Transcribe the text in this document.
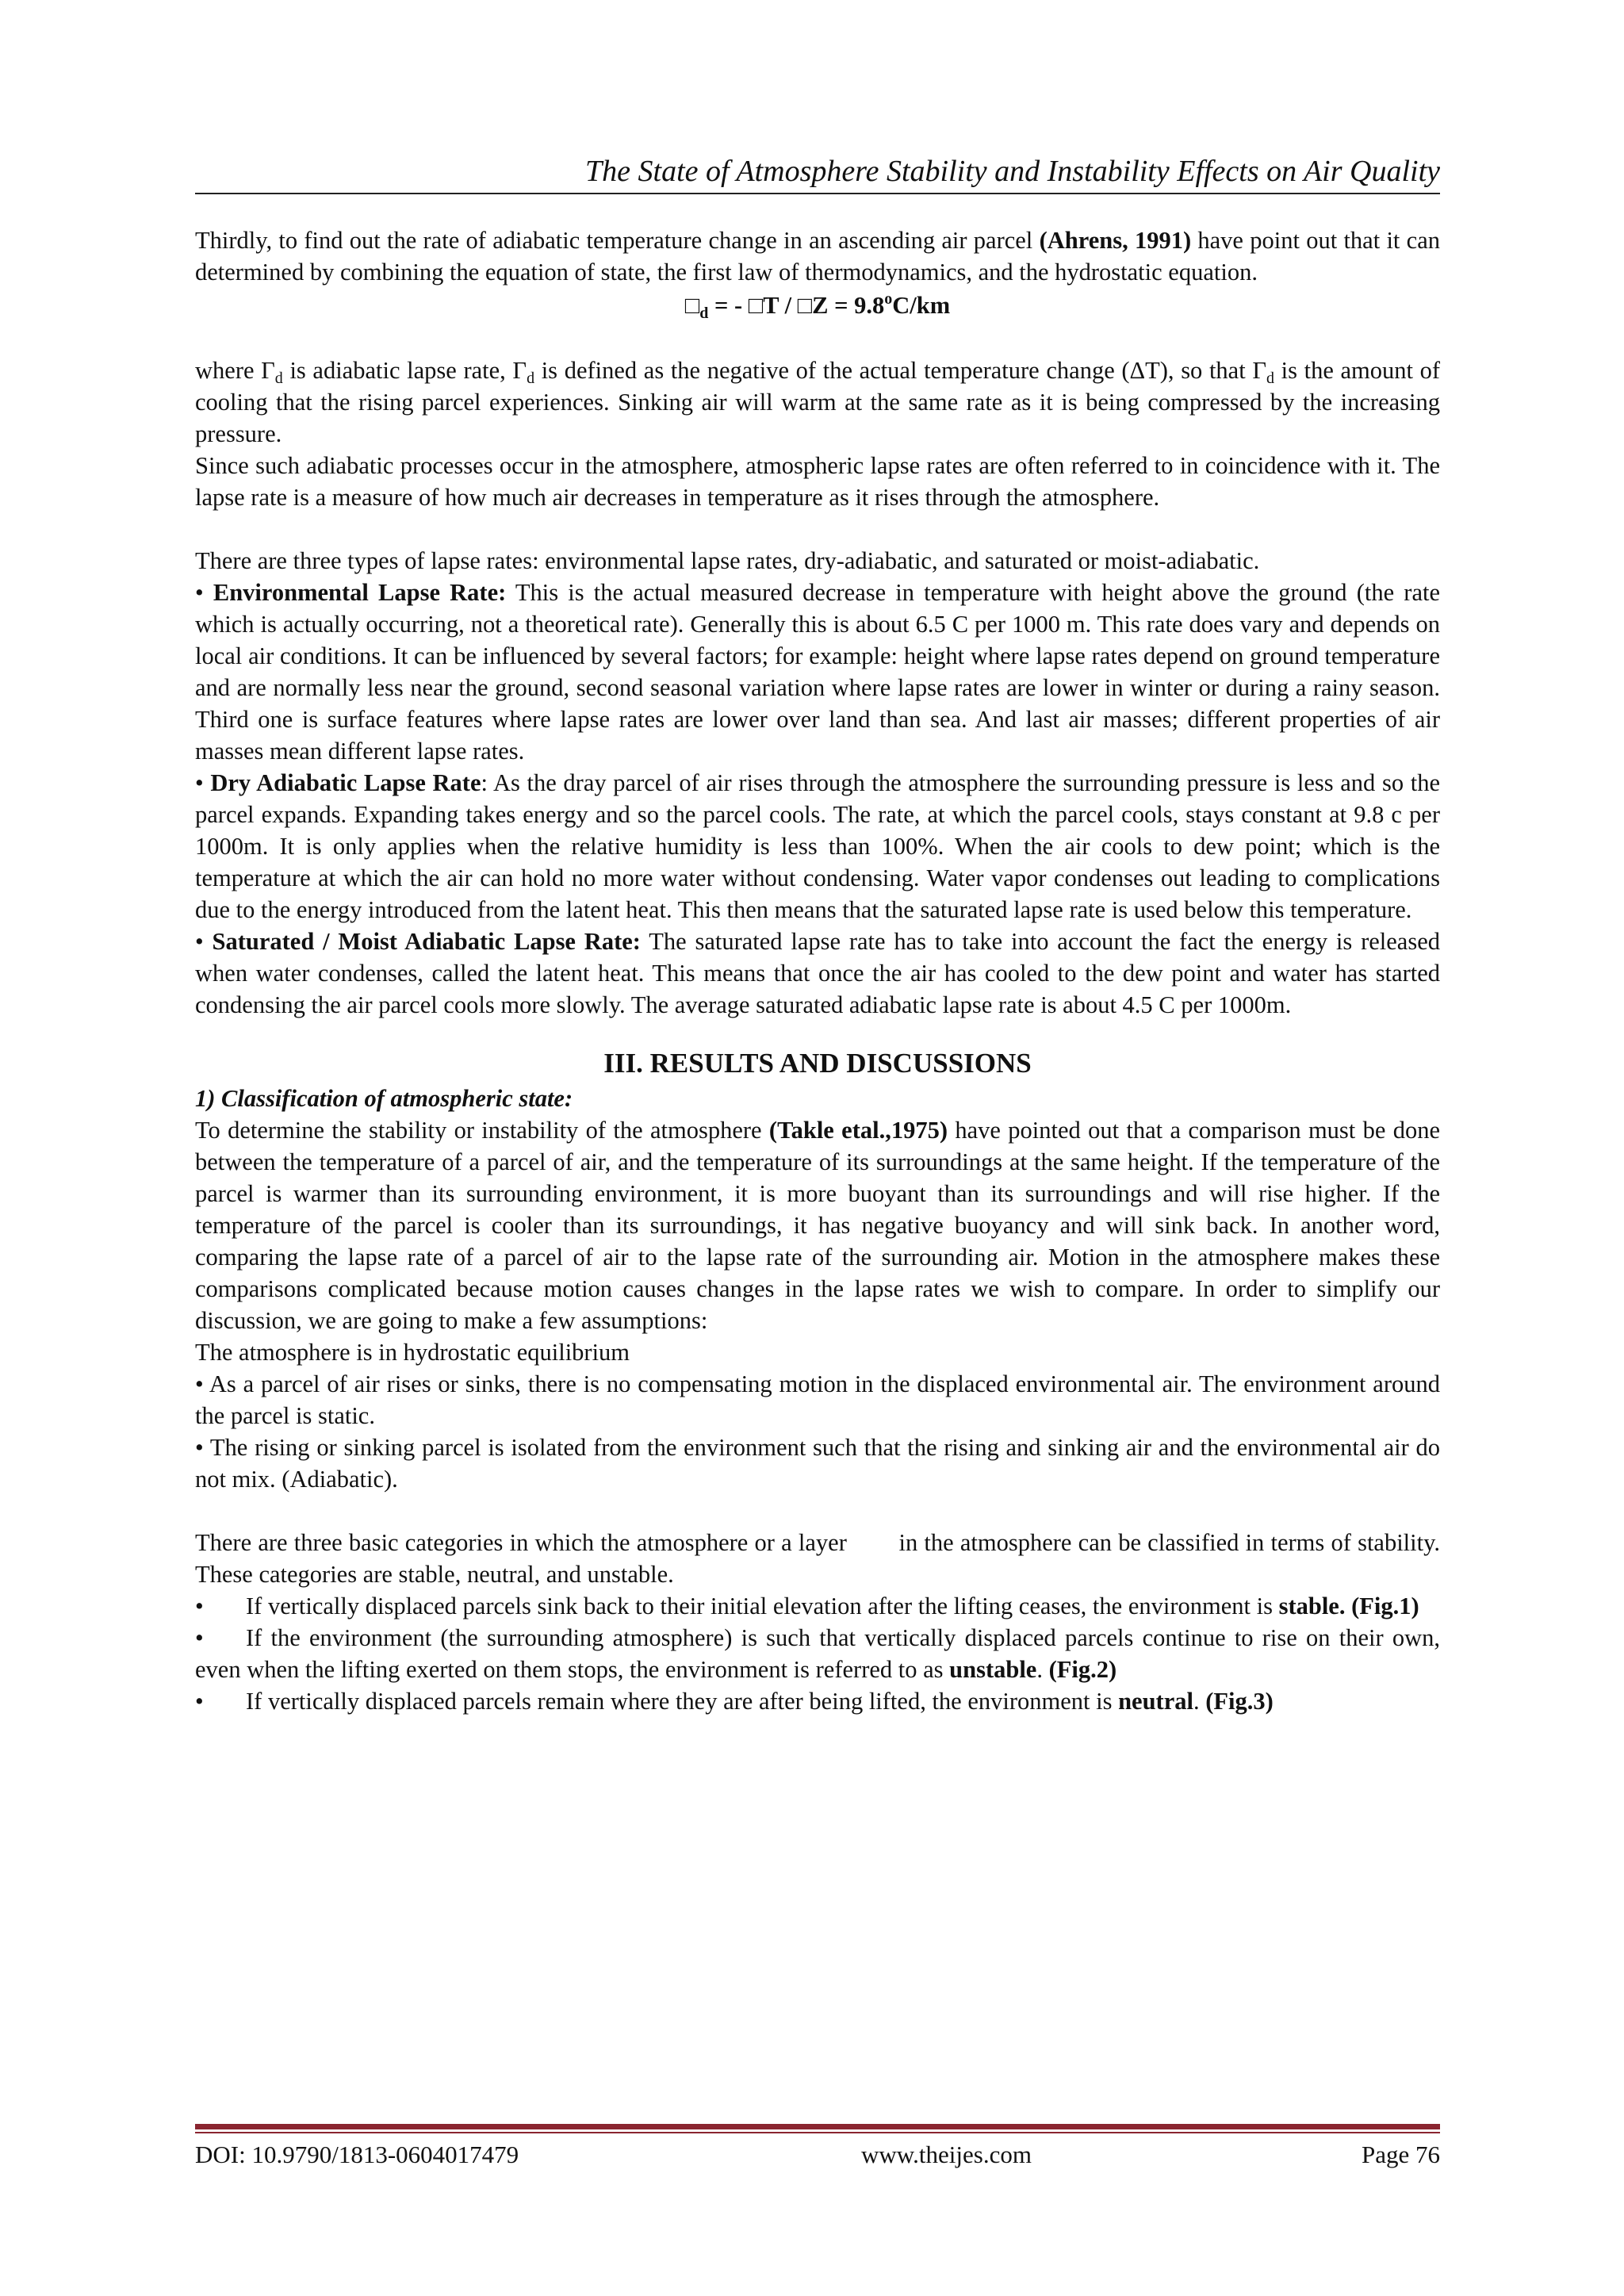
The State of Atmosphere Stability and Instability Effects on Air Quality

Thirdly, to find out the rate of adiabatic temperature change in an ascending air parcel (Ahrens, 1991) have point out that it can determined by combining the equation of state, the first law of thermodynamics, and the hydrostatic equation.

$□_d$ = - □T / □Z = $9.8^oC/km$

where $\Gamma_d$ is adiabatic lapse rate, $\Gamma_d$ is defined as the negative of the actual temperature change (ΔT), so that $\Gamma_d$ is the amount of cooling that the rising parcel experiences. Sinking air will warm at the same rate as it is being compressed by the increasing pressure.

Since such adiabatic processes occur in the atmosphere, atmospheric lapse rates are often referred to in coincidence with it. The lapse rate is a measure of how much air decreases in temperature as it rises through the atmosphere.

There are three types of lapse rates: environmental lapse rates, dry-adiabatic, and saturated or moist-adiabatic.

• Environmental Lapse Rate: This is the actual measured decrease in temperature with height above the ground (the rate which is actually occurring, not a theoretical rate). Generally this is about 6.5 C per 1000 m. This rate does vary and depends on local air conditions. It can be influenced by several factors; for example: height where lapse rates depend on ground temperature and are normally less near the ground, second seasonal variation where lapse rates are lower in winter or during a rainy season. Third one is surface features where lapse rates are lower over land than sea. And last air masses; different properties of air masses mean different lapse rates.

• Dry Adiabatic Lapse Rate: As the dray parcel of air rises through the atmosphere the surrounding pressure is less and so the parcel expands. Expanding takes energy and so the parcel cools. The rate, at which the parcel cools, stays constant at 9.8 c per 1000m. It is only applies when the relative humidity is less than 100%. When the air cools to dew point; which is the temperature at which the air can hold no more water without condensing. Water vapor condenses out leading to complications due to the energy introduced from the latent heat. This then means that the saturated lapse rate is used below this temperature.

• Saturated / Moist Adiabatic Lapse Rate: The saturated lapse rate has to take into account the fact the energy is released when water condenses, called the latent heat. This means that once the air has cooled to the dew point and water has started condensing the air parcel cools more slowly. The average saturated adiabatic lapse rate is about 4.5 C per 1000m.

III. RESULTS AND DISCUSSIONS

1) Classification of atmospheric state:

To determine the stability or instability of the atmosphere (Takle etal.,1975) have pointed out that a comparison must be done between the temperature of a parcel of air, and the temperature of its surroundings at the same height. If the temperature of the parcel is warmer than its surrounding environment, it is more buoyant than its surroundings and will rise higher. If the temperature of the parcel is cooler than its surroundings, it has negative buoyancy and will sink back. In another word, comparing the lapse rate of a parcel of air to the lapse rate of the surrounding air. Motion in the atmosphere makes these comparisons complicated because motion causes changes in the lapse rates we wish to compare. In order to simplify our discussion, we are going to make a few assumptions:

The atmosphere is in hydrostatic equilibrium

• As a parcel of air rises or sinks, there is no compensating motion in the displaced environmental air. The environment around the parcel is static.

• The rising or sinking parcel is isolated from the environment such that the rising and sinking air and the environmental air do not mix. (Adiabatic).

There are three basic categories in which the atmosphere or a layer        in the atmosphere can be classified in terms of stability. These categories are stable, neutral, and unstable.

• If vertically displaced parcels sink back to their initial elevation after the lifting ceases, the environment is stable. (Fig.1)

• If the environment (the surrounding atmosphere) is such that vertically displaced parcels continue to rise on their own, even when the lifting exerted on them stops, the environment is referred to as unstable. (Fig.2)

• If vertically displaced parcels remain where they are after being lifted, the environment is neutral. (Fig.3)

DOI: 10.9790/1813-0604017479	www.theijes.com	Page 76
